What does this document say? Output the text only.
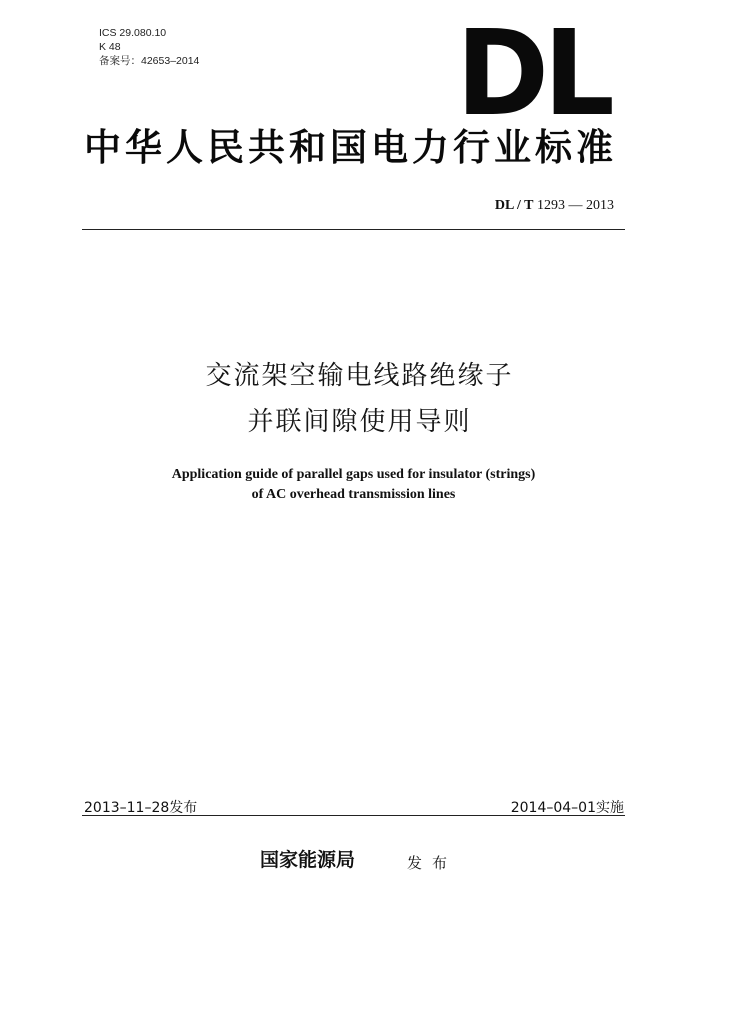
ICS 29.080.10
K 48
备案号：42653–2014 DL
中华人民共和国电力行业标准
DL / T 1293 — 2013
交流架空输电线路绝缘子
并联间隙使用导则
Application guide of parallel gaps used for insulator (strings)
of AC overhead transmission lines
2013–11–28发布	2014–04–01实施
国家能源局	发布
